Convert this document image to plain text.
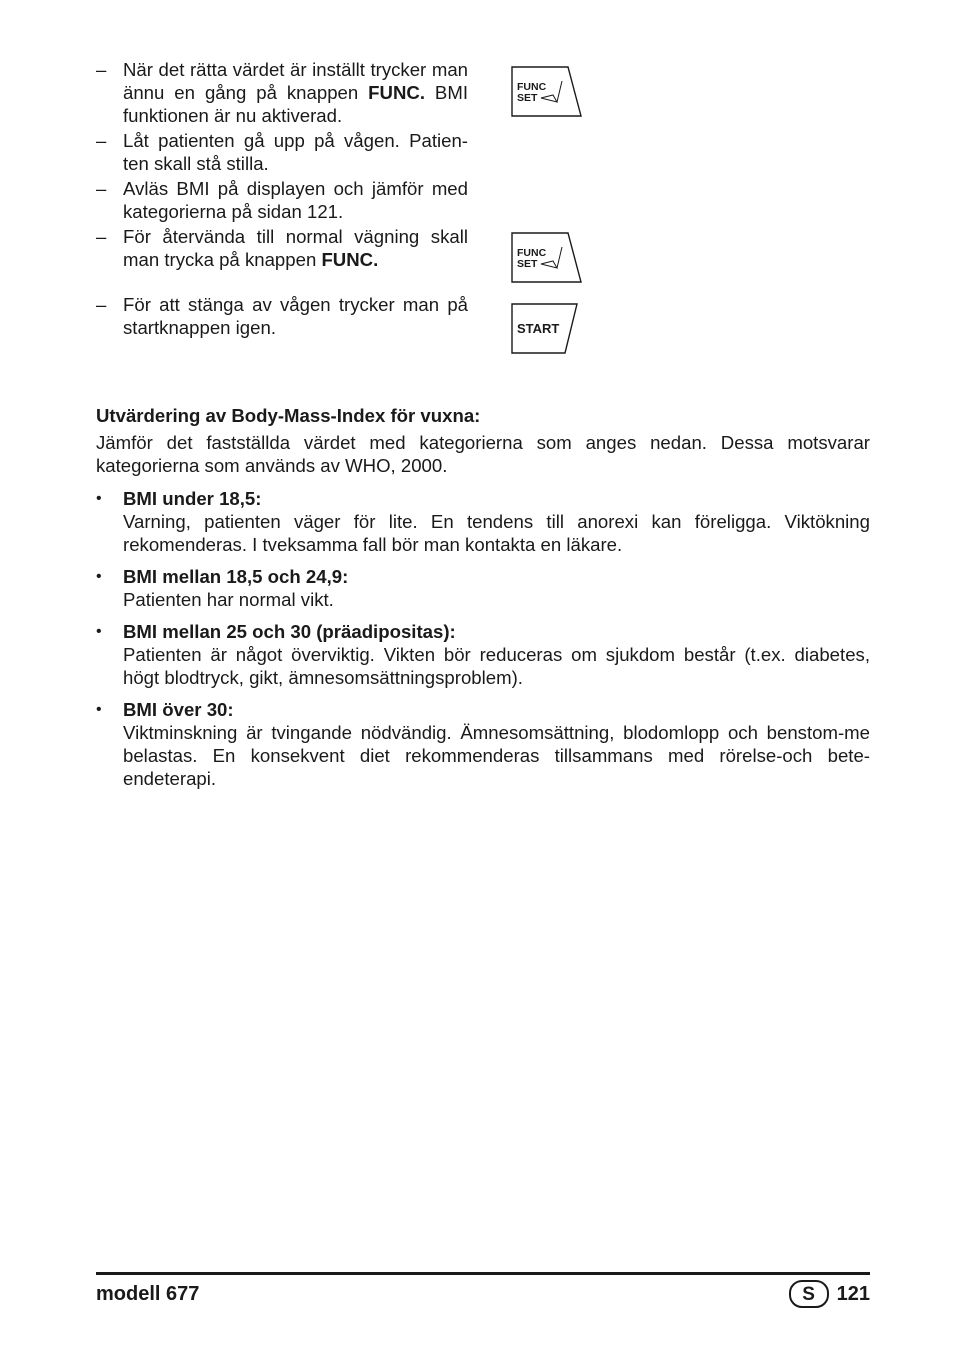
– När det rätta värdet är inställt trycker man ännu en gång på knappen FUNC. BMI funktionen är nu aktiverad.
– Låt patienten gå upp på vågen. Patien-ten skall stå stilla.
– Avläs BMI på displayen och jämför med kategorierna på sidan 121.
– För återvända till normal vägning skall man trycka på knappen FUNC.
– För att stänga av vågen trycker man på startknappen igen.
FUNC
SET
FUNC
SET
START
Utvärdering av Body-Mass-Index för vuxna:

Jämför det fastställda värdet med kategorierna som anges nedan. Dessa motsvarar kategorierna som används av WHO, 2000.

•	BMI under 18,5:
Varning, patienten väger för lite. En tendens till anorexi kan föreligga. Viktökning rekomenderas. I tveksamma fall bör man kontakta en läkare.
•	BMI mellan 18,5 och 24,9:
Patienten har normal vikt.
•	BMI mellan 25 och 30 (präadipositas):
Patienten är något överviktig. Vikten bör reduceras om sjukdom består (t.ex. diabetes, högt blodtryck, gikt, ämnesomsättningsproblem).
•	BMI över 30:
Viktminskning är tvingande nödvändig. Ämnesomsättning, blodomlopp och benstom-me belastas. En konsekvent diet rekommenderas tillsammans med rörelse-och bete-endeterapi.
modell 677	S	121
